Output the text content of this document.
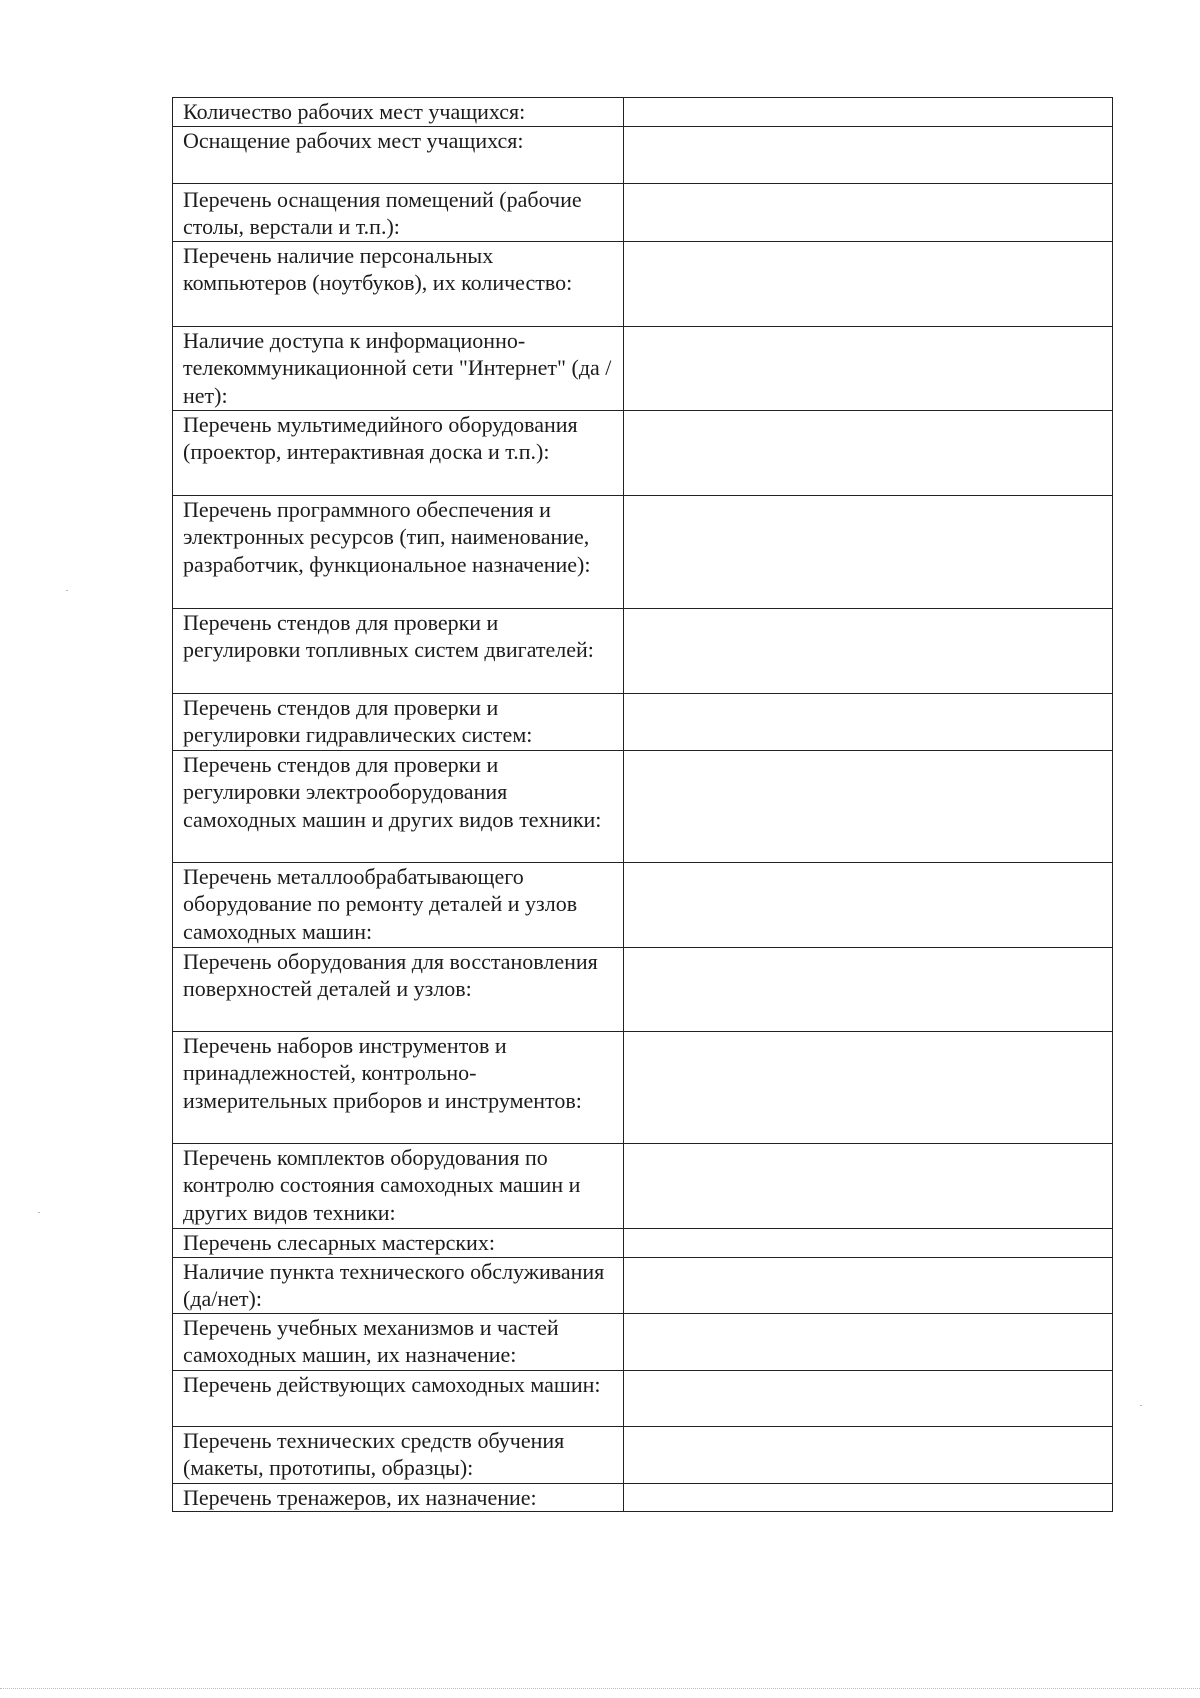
Количество рабочих мест учащихся:	
Оснащение рабочих мест учащихся:	
Перечень оснащения помещений (рабочие столы, верстали и т.п.):	
Перечень наличие персональных компьютеров (ноутбуков), их количество:	
Наличие доступа к информационно-телекоммуникационной сети "Интернет" (да /нет):	
Перечень мультимедийного оборудования (проектор, интерактивная доска и т.п.):	
Перечень программного обеспечения и электронных ресурсов (тип, наименование, разработчик, функциональное назначение):	
Перечень стендов для проверки и регулировки топливных систем двигателей:	
Перечень стендов для проверки и регулировки гидравлических систем:	
Перечень стендов для проверки и регулировки электрооборудования самоходных машин и других видов техники:	
Перечень металлообрабатывающего оборудование по ремонту деталей и узлов самоходных машин:	
Перечень оборудования для восстановления поверхностей деталей и узлов:	
Перечень наборов инструментов и принадлежностей, контрольно-измерительных приборов и инструментов:	
Перечень комплектов оборудования по контролю состояния самоходных машин и других видов техники:	
Перечень слесарных мастерских:	
Наличие пункта технического обслуживания (да/нет):	
Перечень учебных механизмов и частей самоходных машин, их назначение:	
Перечень действующих самоходных машин:	
Перечень технических средств обучения (макеты, прототипы, образцы):	
Перечень тренажеров, их назначение:	
